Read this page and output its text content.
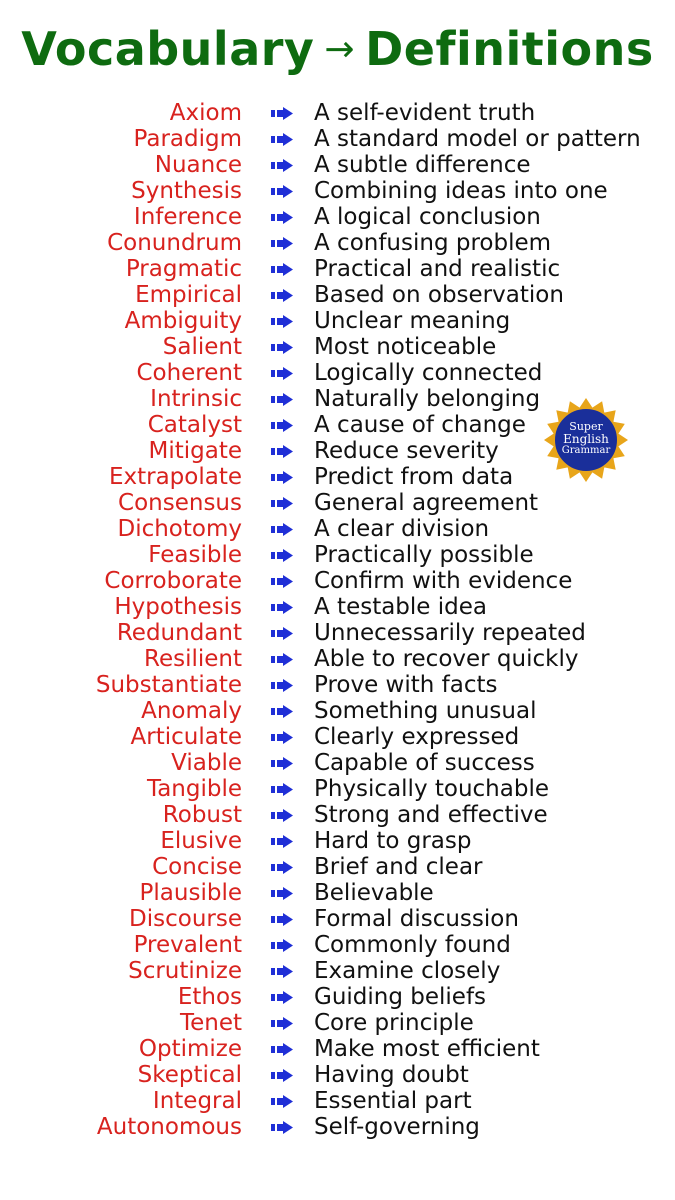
Vocabulary → Definitions
Axiom	A self-evident truth
Paradigm	A standard model or pattern
Nuance	A subtle difference
Synthesis	Combining ideas into one
Inference	A logical conclusion
Conundrum	A confusing problem
Pragmatic	Practical and realistic
Empirical	Based on observation
Ambiguity	Unclear meaning
Salient	Most noticeable
Coherent	Logically connected
Intrinsic	Naturally belonging
Catalyst	A cause of change
Mitigate	Reduce severity
Extrapolate	Predict from data
Consensus	General agreement
Dichotomy	A clear division
Feasible	Practically possible
Corroborate	Confirm with evidence
Hypothesis	A testable idea
Redundant	Unnecessarily repeated
Resilient	Able to recover quickly
Substantiate	Prove with facts
Anomaly	Something unusual
Articulate	Clearly expressed
Viable	Capable of success
Tangible	Physically touchable
Robust	Strong and effective
Elusive	Hard to grasp
Concise	Brief and clear
Plausible	Believable
Discourse	Formal discussion
Prevalent	Commonly found
Scrutinize	Examine closely
Ethos	Guiding beliefs
Tenet	Core principle
Optimize	Make most efficient
Skeptical	Having doubt
Integral	Essential part
Autonomous	Self-governing
Super
English
Grammar
